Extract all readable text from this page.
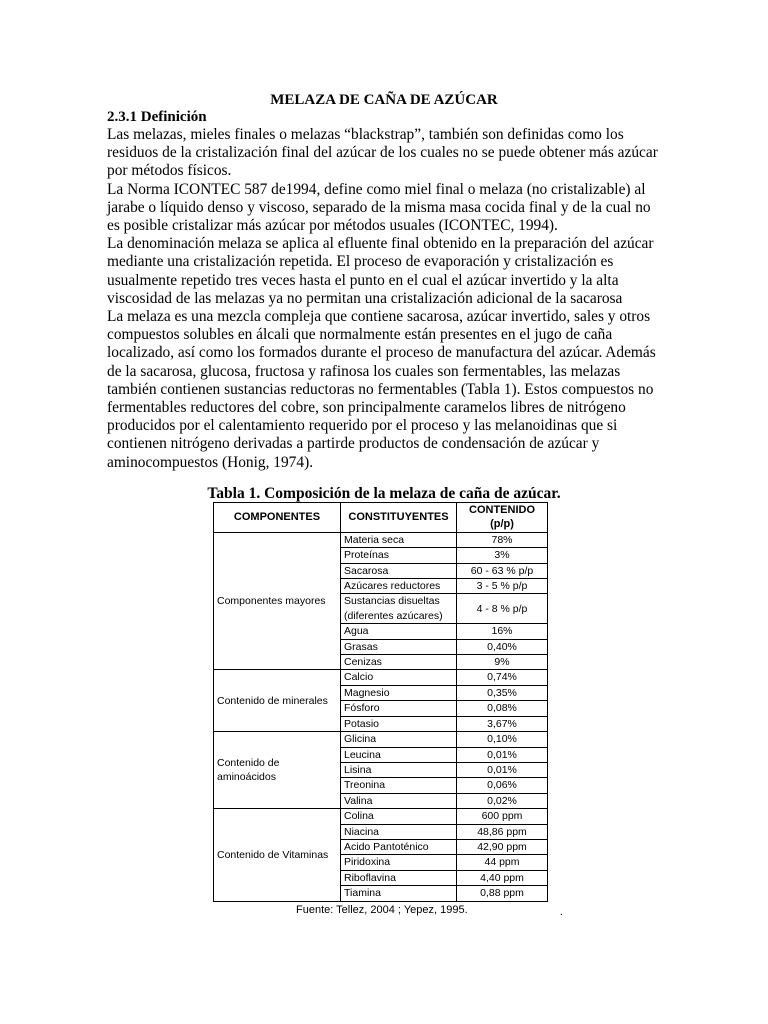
MELAZA DE CAÑA DE AZÚCAR
2.3.1 Definición

Las melazas, mieles finales o melazas “blackstrap”, también son definidas como los residuos de la cristalización final del azúcar de los cuales no se puede obtener más azúcar por métodos físicos.

La Norma ICONTEC 587 de1994, define como miel final o melaza (no cristalizable) al jarabe o líquido denso y viscoso, separado de la misma masa cocida final y de la cual no es posible cristalizar más azúcar por métodos usuales (ICONTEC, 1994).

La denominación melaza se aplica al efluente final obtenido en la preparación del azúcar mediante una cristalización repetida. El proceso de evaporación y cristalización es usualmente repetido tres veces hasta el punto en el cual el azúcar invertido y la alta viscosidad de las melazas ya no permitan una cristalización adicional de la sacarosa

La melaza es una mezcla compleja que contiene sacarosa, azúcar invertido, sales y otros compuestos solubles en álcali que normalmente están presentes en el jugo de caña localizado, así como los formados durante el proceso de manufactura del azúcar. Además de la sacarosa, glucosa, fructosa y rafinosa los cuales son fermentables, las melazas también contienen sustancias reductoras no fermentables (Tabla 1). Estos compuestos no fermentables reductores del cobre, son principalmente caramelos libres de nitrógeno producidos por el calentamiento requerido por el proceso y las melanoidinas que si contienen nitrógeno derivadas a partirde productos de condensación de azúcar y aminocompuestos (Honig, 1974).

Tabla 1. Composición de la melaza de caña de azúcar.
COMPONENTES	CONSTITUYENTES	CONTENIDO (p/p)
Componentes mayores	Materia seca	78%
	Proteínas	3%
	Sacarosa	60 - 63 % p/p
	Azúcares reductores	3 - 5 % p/p
	Sustancias disueltas (diferentes azúcares)	4 - 8 % p/p
	Agua	16%
	Grasas	0,40%
	Cenizas	9%
Contenido de minerales	Calcio	0,74%
	Magnesio	0,35%
	Fósforo	0,08%
	Potasio	3,67%
Contenido de aminoácidos	Glicina	0,10%
	Leucina	0,01%
	Lisina	0,01%
	Treonina	0,06%
	Valina	0,02%
Contenido de Vitaminas	Colina	600 ppm
	Niacina	48,86 ppm
	Acido Pantoténico	42,90 ppm
	Piridoxina	44 ppm
	Riboflavina	4,40 ppm
	Tiamina	0,88 ppm
Fuente: Tellez, 2004 ; Yepez, 1995.	.
